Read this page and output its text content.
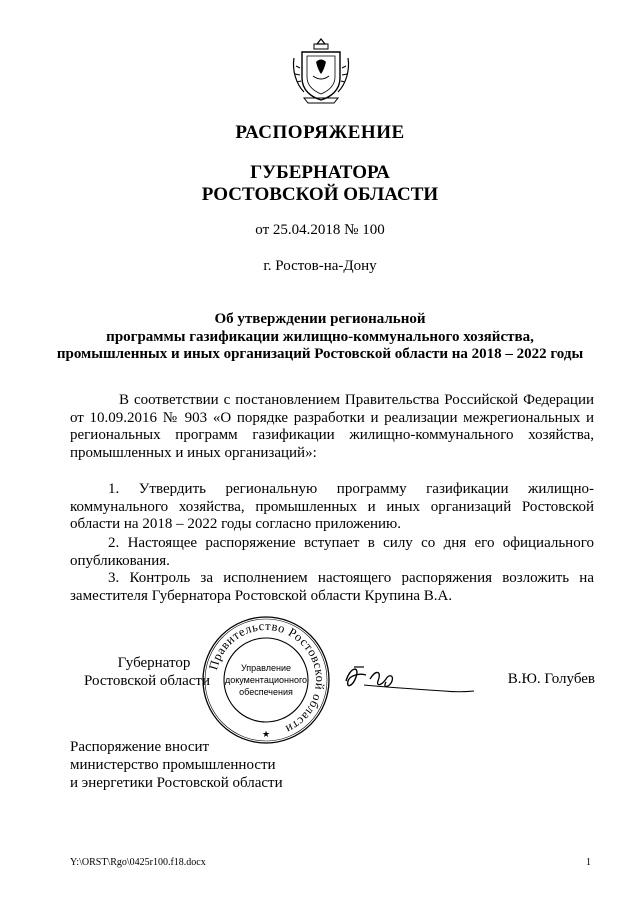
РАСПОРЯЖЕНИЕ
ГУБЕРНАТОРА
РОСТОВСКОЙ ОБЛАСТИ
от 25.04.2018 № 100
г. Ростов-на-Дону
Об утверждении региональной
программы газификации жилищно-коммунального хозяйства,
промышленных и иных организаций Ростовской области на 2018 – 2022 годы

В соответствии с постановлением Правительства Российской Федерации от 10.09.2016 № 903 «О порядке разработки и реализации межрегиональных и региональных программ газификации жилищно-коммунального хозяйства, промышленных и иных организаций»:

1. Утвердить региональную программу газификации жилищно-коммунального хозяйства, промышленных и иных организаций Ростовской области на 2018 – 2022 годы согласно приложению.

2. Настоящее распоряжение вступает в силу со дня его официального опубликования.

3. Контроль за исполнением настоящего распоряжения возложить на заместителя Губернатора Ростовской области Крупина В.А.

Губернатор
Ростовской области
Правительство Ростовской области
Управление
документационного
обеспечения
★
В.Ю. Голубев
Распоряжение вносит
министерство промышленности
и энергетики Ростовской области
Y:\ORST\Rgo\0425r100.f18.docx	1
